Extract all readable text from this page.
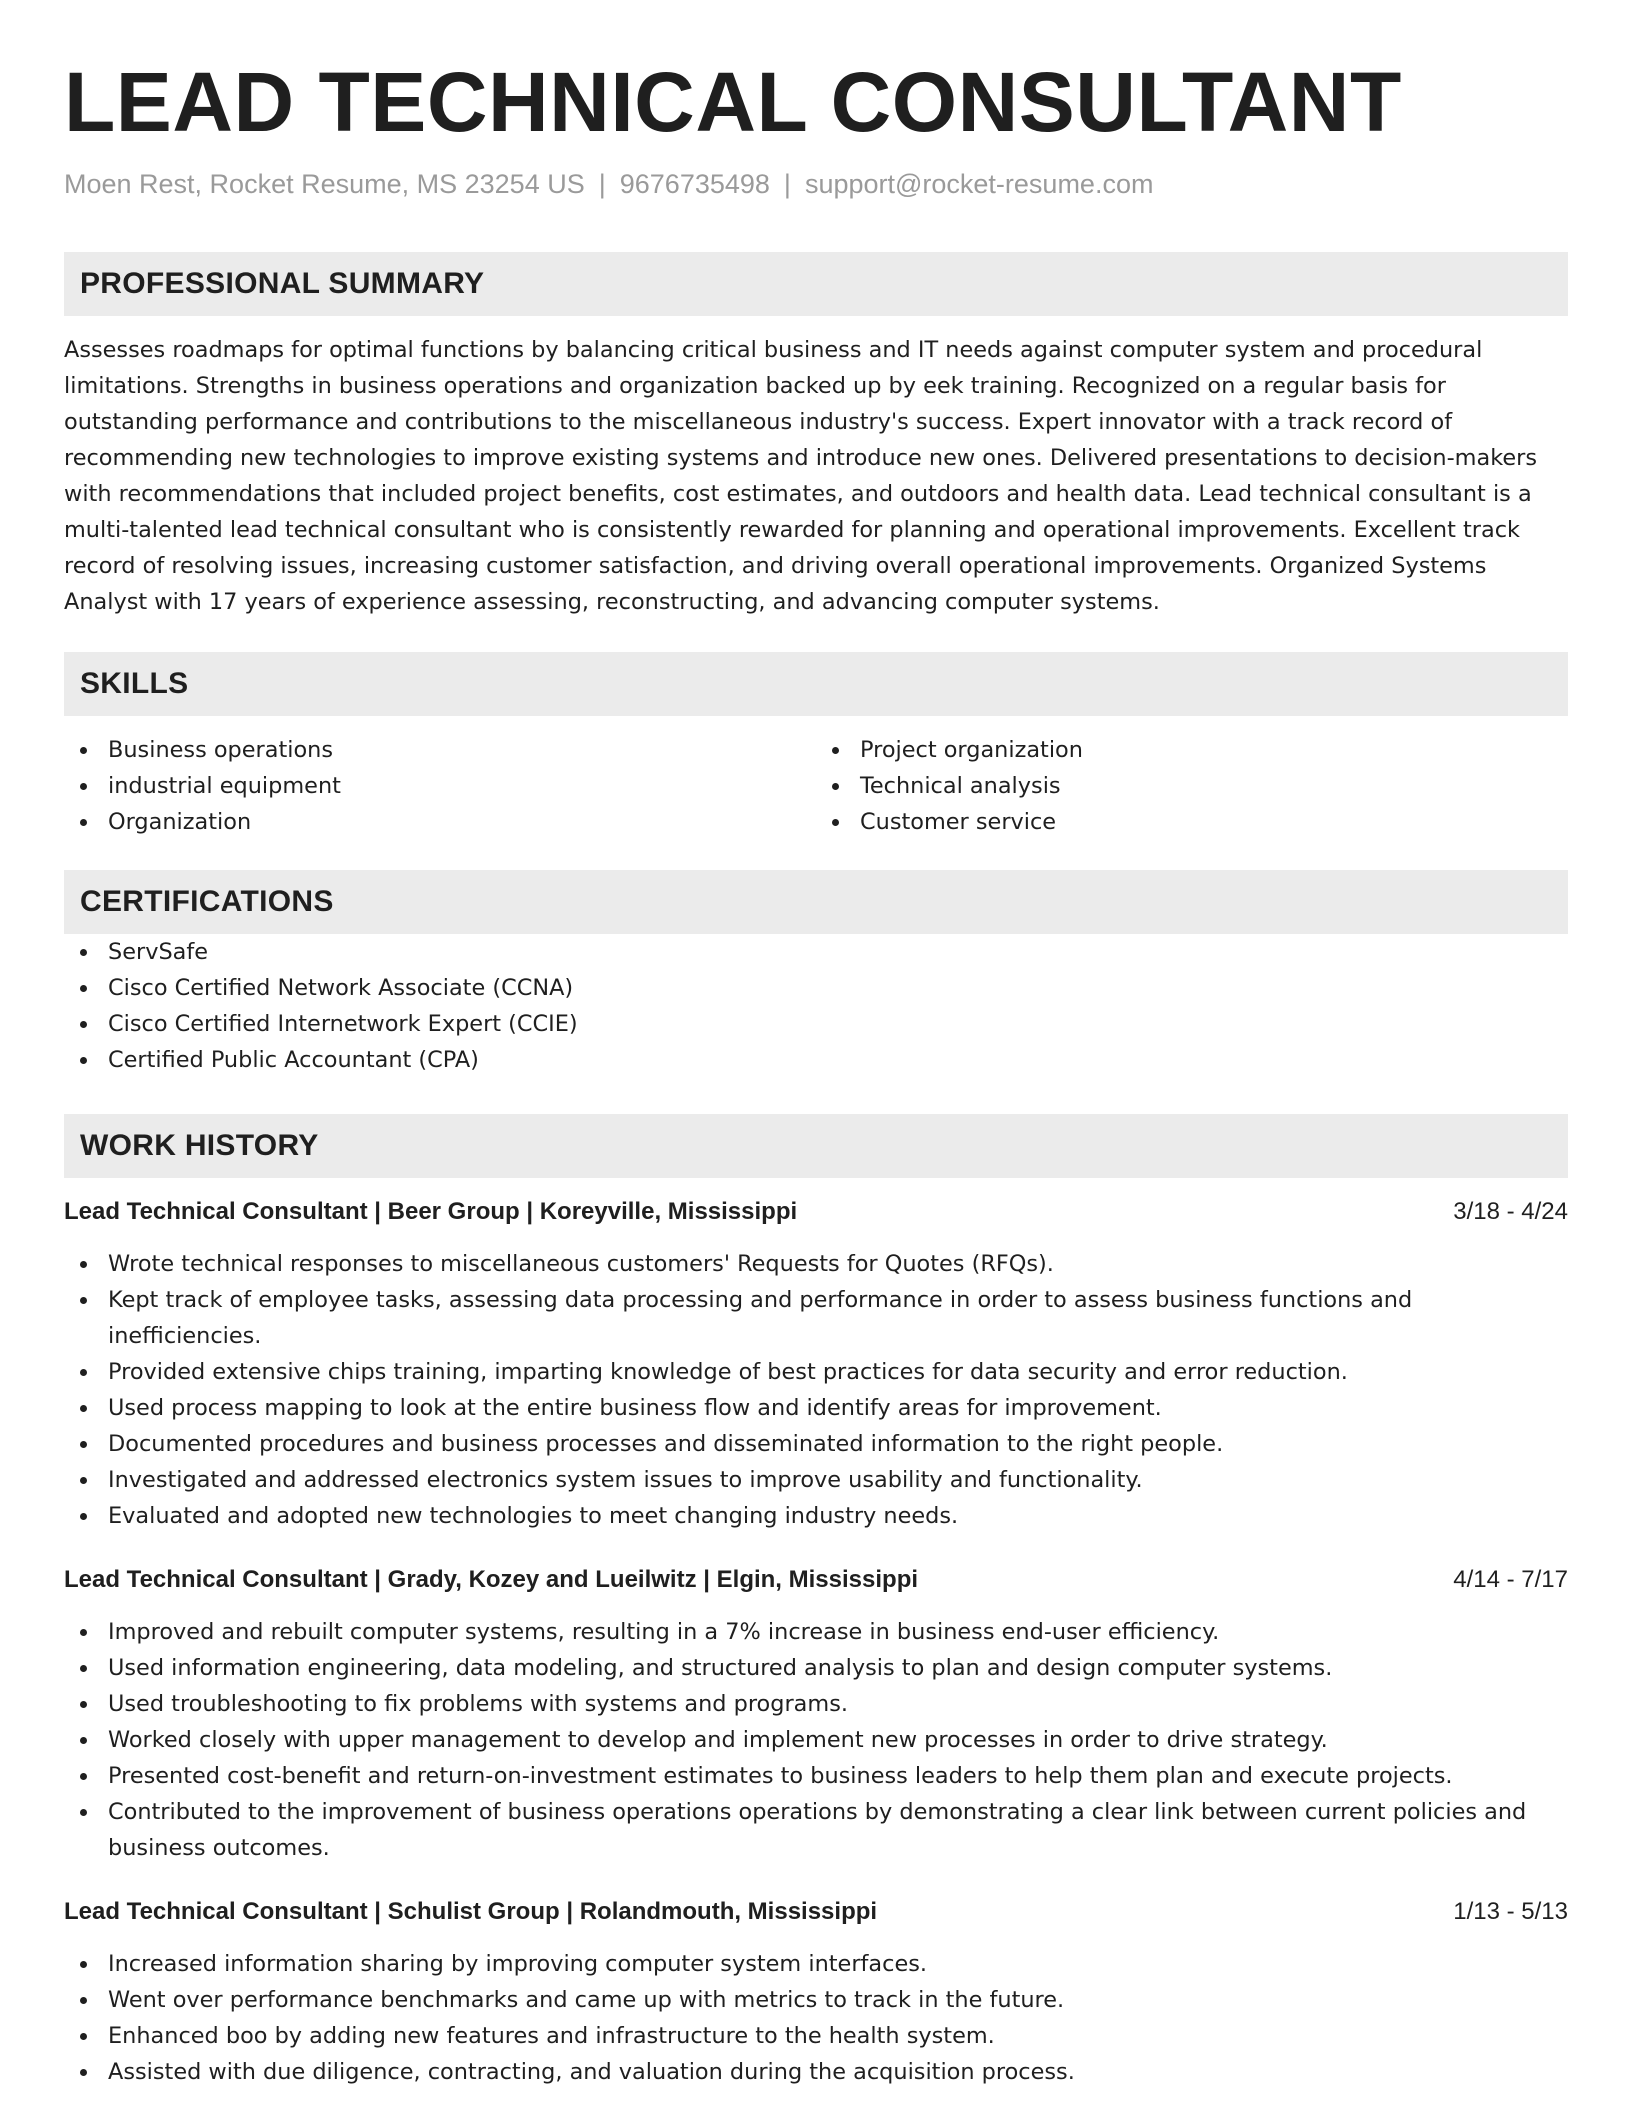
LEAD TECHNICAL CONSULTANT
Moen Rest, Rocket Resume, MS 23254 US | 9676735498 | support@rocket-resume.com
PROFESSIONAL SUMMARY
Assesses roadmaps for optimal functions by balancing critical business and IT needs against computer system and procedural limitations. Strengths in business operations and organization backed up by eek training. Recognized on a regular basis for outstanding performance and contributions to the miscellaneous industry's success. Expert innovator with a track record of recommending new technologies to improve existing systems and introduce new ones. Delivered presentations to decision-makers with recommendations that included project benefits, cost estimates, and outdoors and health data. Lead technical consultant is a multi-talented lead technical consultant who is consistently rewarded for planning and operational improvements. Excellent track record of resolving issues, increasing customer satisfaction, and driving overall operational improvements. Organized Systems Analyst with 17 years of experience assessing, reconstructing, and advancing computer systems.
SKILLS
Business operations
industrial equipment
Organization
Project organization
Technical analysis
Customer service
CERTIFICATIONS
ServSafe
Cisco Certified Network Associate (CCNA)
Cisco Certified Internetwork Expert (CCIE)
Certified Public Accountant (CPA)
WORK HISTORY
Lead Technical Consultant | Beer Group | Koreyville, Mississippi	3/18 - 4/24
Wrote technical responses to miscellaneous customers' Requests for Quotes (RFQs).
Kept track of employee tasks, assessing data processing and performance in order to assess business functions and inefficiencies.
Provided extensive chips training, imparting knowledge of best practices for data security and error reduction.
Used process mapping to look at the entire business flow and identify areas for improvement.
Documented procedures and business processes and disseminated information to the right people.
Investigated and addressed electronics system issues to improve usability and functionality.
Evaluated and adopted new technologies to meet changing industry needs.
Lead Technical Consultant | Grady, Kozey and Lueilwitz | Elgin, Mississippi	4/14 - 7/17
Improved and rebuilt computer systems, resulting in a 7% increase in business end-user efficiency.
Used information engineering, data modeling, and structured analysis to plan and design computer systems.
Used troubleshooting to fix problems with systems and programs.
Worked closely with upper management to develop and implement new processes in order to drive strategy.
Presented cost-benefit and return-on-investment estimates to business leaders to help them plan and execute projects.
Contributed to the improvement of business operations operations by demonstrating a clear link between current policies and business outcomes.
Lead Technical Consultant | Schulist Group | Rolandmouth, Mississippi	1/13 - 5/13
Increased information sharing by improving computer system interfaces.
Went over performance benchmarks and came up with metrics to track in the future.
Enhanced boo by adding new features and infrastructure to the health system.
Assisted with due diligence, contracting, and valuation during the acquisition process.
